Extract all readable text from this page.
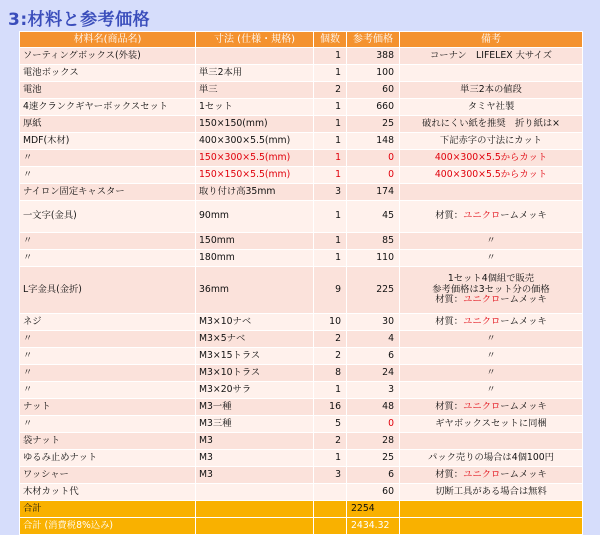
3:材料と参考価格
材料名(商品名)	寸法 (仕様・規格)	個数	参考価格	備考
ソーティングボックス(外装)		1	388	コーナン　LIFELEX 大サイズ
電池ボックス	単三2本用	1	100	
電池	単三	2	60	単三2本の値段
4速クランクギヤーボックスセット	1セット	1	660	タミヤ社製
厚紙	150×150(mm)	1	25	破れにくい紙を推奨　折り紙は×
MDF(木材)	400×300×5.5(mm)	1	148	下記赤字の寸法にカット
〃	150×300×5.5(mm)	1	0	400×300×5.5からカット
〃	150×150×5.5(mm)	1	0	400×300×5.5からカット
ナイロン固定キャスター	取り付け高35mm	3	174	
一文字(金具)	90mm	1	45	材質：ユニクロームメッキ
〃	150mm	1	85	〃
〃	180mm	1	110	〃
L字金具(金折)	36mm	9	225	1セット4個組で販売
参考価格は3セット分の価格
材質：ユニクロームメッキ
ネジ	M3×10ナベ	10	30	材質：ユニクロームメッキ
〃	M3×5ナベ	2	4	〃
〃	M3×15トラス	2	6	〃
〃	M3×10トラス	8	24	〃
〃	M3×20サラ	1	3	〃
ナット	M3一種	16	48	材質：ユニクロームメッキ
〃	M3三種	5	0	ギヤボックスセットに同梱
袋ナット	M3	2	28	
ゆるみ止めナット	M3	1	25	パック売りの場合は4個100円
ワッシャー	M3	3	6	材質：ユニクロームメッキ
木材カット代			60	切断工具がある場合は無料
合計			2254	
合計 (消費税8%込み)			2434.32	
